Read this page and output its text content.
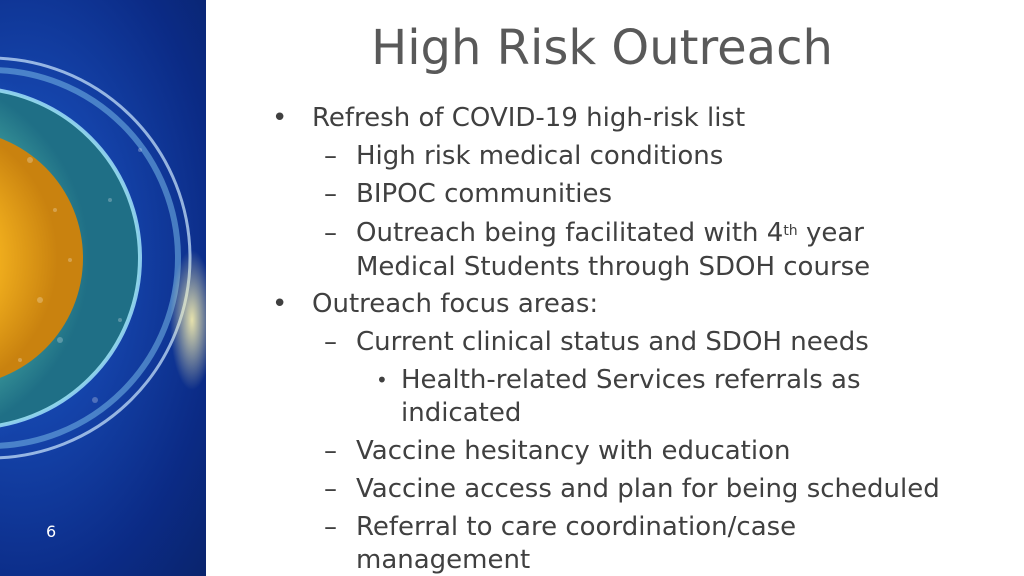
6
High Risk Outreach

• Refresh of COVID-19 high-risk list

– High risk medical conditions

– BIPOC communities

– Outreach being facilitated with 4th year Medical Students through SDOH course

• Outreach focus areas:

– Current clinical status and SDOH needs

• Health-related Services referrals as indicated

– Vaccine hesitancy with education

– Vaccine access and plan for being scheduled

– Referral to care coordination/case management
